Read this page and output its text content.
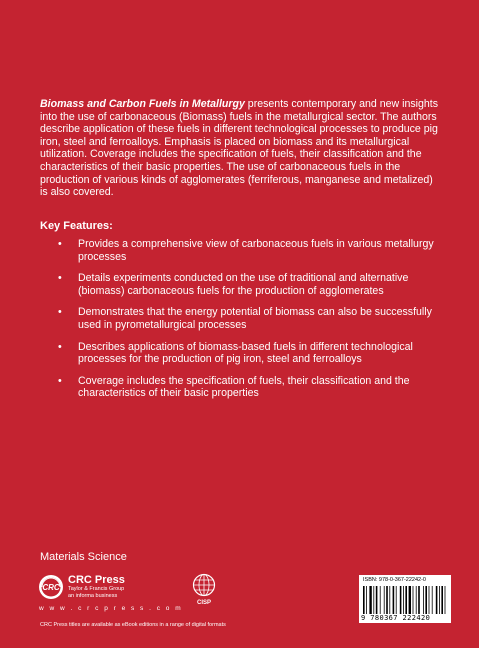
Biomass and Carbon Fuels in Metallurgy presents contemporary and new insights into the use of carbonaceous (Biomass) fuels in the metallurgical sector. The authors describe application of these fuels in different technological processes to produce pig iron, steel and ferroalloys. Emphasis is placed on biomass and its metallurgical utilization. Coverage includes the specification of fuels, their classification and the characteristics of their basic properties. The use of carbonaceous fuels in the production of various kinds of agglomerates (ferriferous, manganese and metalized) is also covered.

Key Features:
• Provides a comprehensive view of carbonaceous fuels in various metallurgy processes
• Details experiments conducted on the use of traditional and alternative (biomass) carbonaceous fuels for the production of agglomerates
• Demonstrates that the energy potential of biomass can also be successfully used in pyrometallurgical processes
• Describes applications of biomass-based fuels in different technological processes for the production of pig iron, steel and ferroalloys
• Coverage includes the specification of fuels, their classification and the characteristics of their basic properties
Materials Science
CRC
CRC Press
Taylor & Francis Group
an informa business
w w w . c r c p r e s s . c o m
CISP
ISBN: 978-0-367-22242-0
9 780367 222420
CRC Press titles are available as eBook editions in a range of digital formats
